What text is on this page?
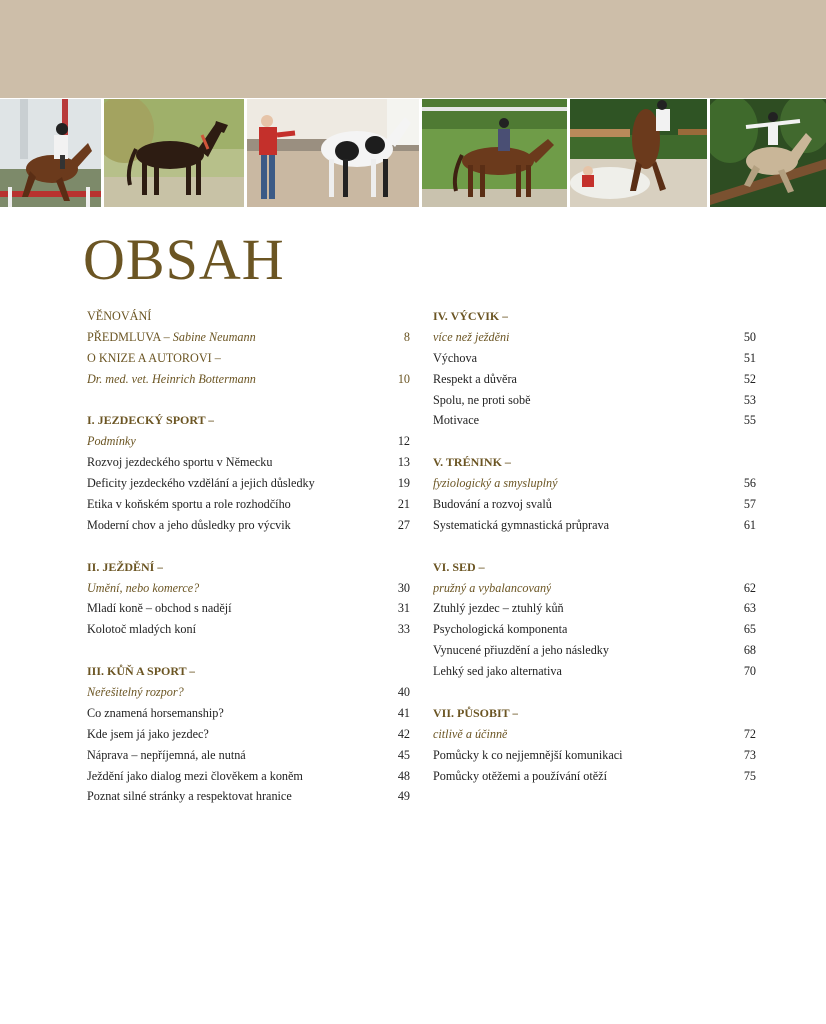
OBSAH
VĚNOVÁNÍ
PŘEDMLUVA – Sabine Neumann	8
O KNIZE A AUTOROVI –
Dr. med. vet. Heinrich Bottermann	10
I. JEZDECKÝ SPORT –
Podmínky	12
Rozvoj jezdeckého sportu v Německu	13
Deficity jezdeckého vzdělání a jejich důsledky	19
Etika v koňském sportu a role rozhodčího	21
Moderní chov a jeho důsledky pro výcvik	27
II. JEŽDĚNÍ –
Umění, nebo komerce?	30
Mladí koně – obchod s nadějí	31
Kolotoč mladých koní	33
III. KŮŇ A SPORT –
Neřešitelný rozpor?	40
Co znamená horsemanship?	41
Kde jsem já jako jezdec?	42
Náprava – nepříjemná, ale nutná	45
Ježdění jako dialog mezi člověkem a koněm	48
Poznat silné stránky a respektovat hranice	49
IV. VÝCVIK –
více než ježdění	50
Výchova	51
Respekt a důvěra	52
Spolu, ne proti sobě	53
Motivace	55
V. TRÉNINK –
fyziologický a smysluplný	56
Budování a rozvoj svalů	57
Systematická gymnastická průprava	61
VI. SED –
pružný a vybalancovaný	62
Ztuhlý jezdec – ztuhlý kůň	63
Psychologická komponenta	65
Vynucené přiuzdění a jeho následky	68
Lehký sed jako alternativa	70
VII. PŮSOBIT –
citlivě a účinně	72
Pomůcky k co nejjemnější komunikaci	73
Pomůcky otěžemi a používání otěží	75
